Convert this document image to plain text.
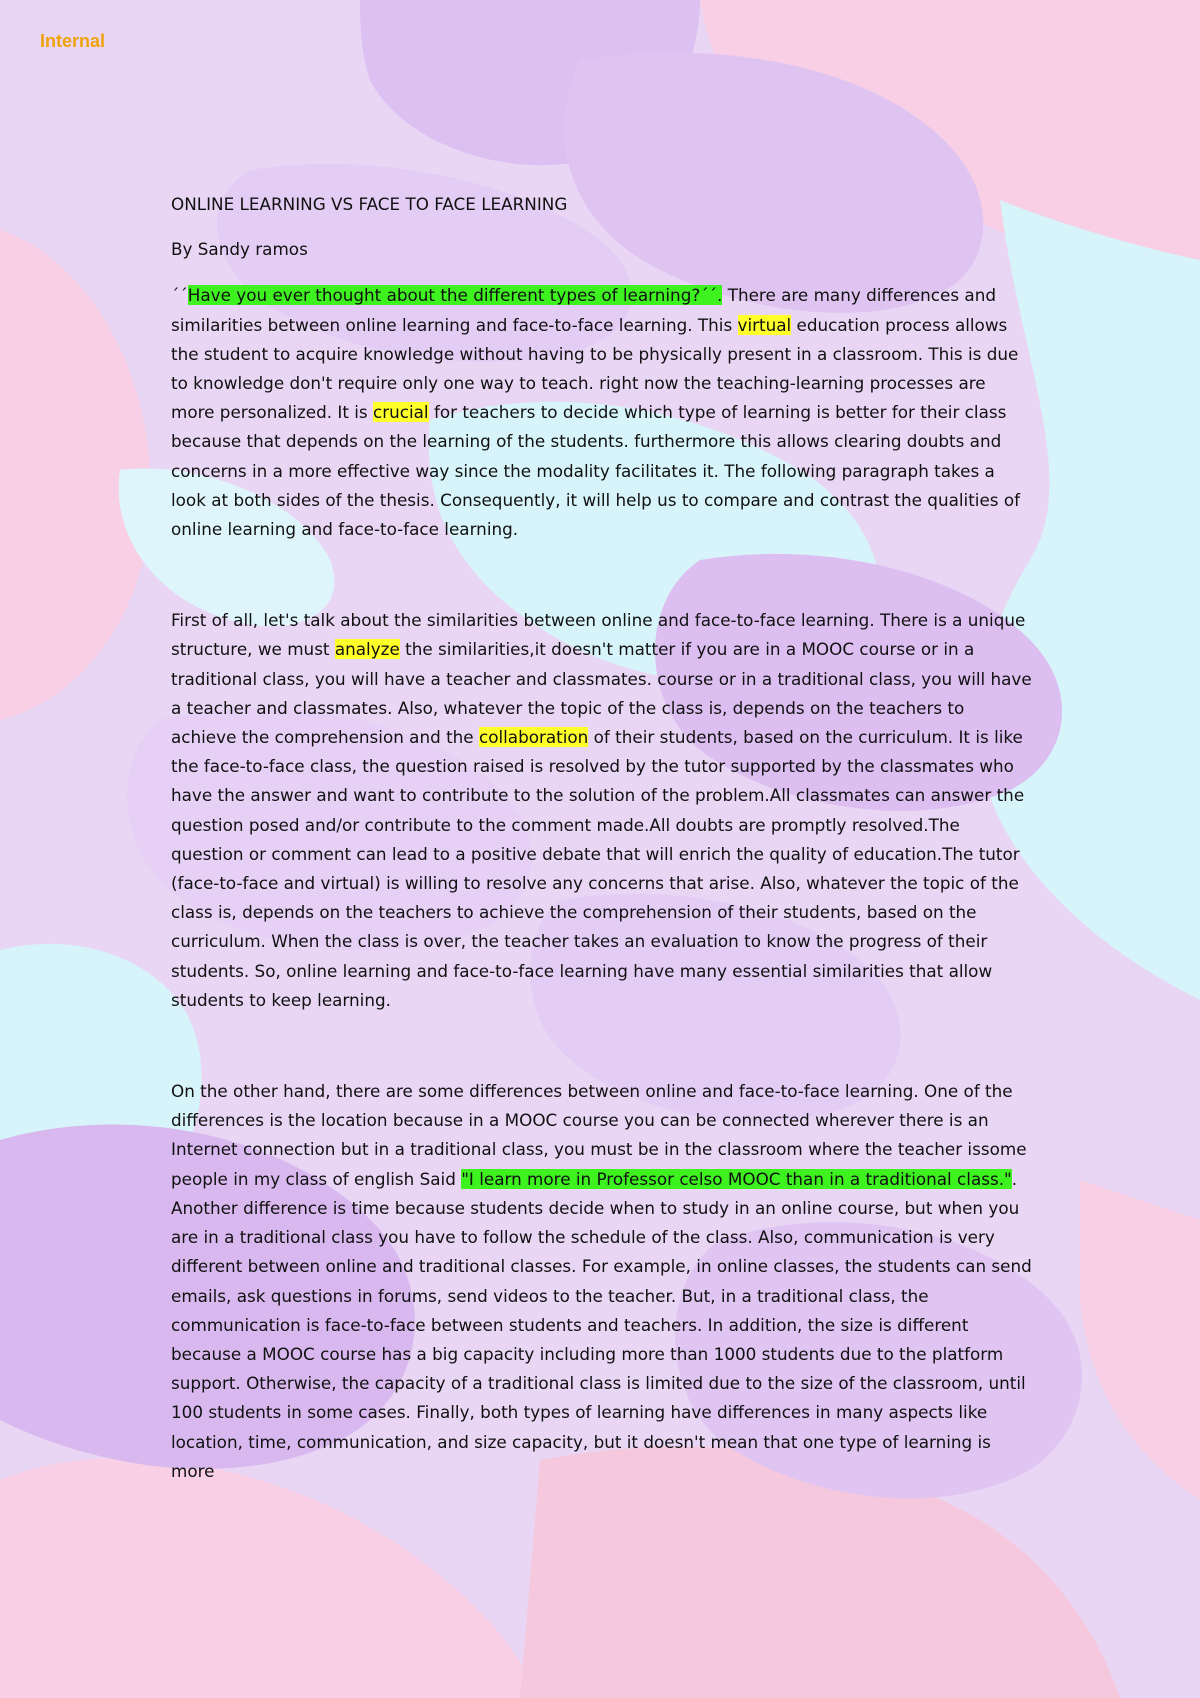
Internal

ONLINE LEARNING VS FACE TO FACE LEARNING

By Sandy ramos

´´Have you ever thought about the different types of learning?´´. There are many differences and similarities between online learning and face-to-face learning. This virtual education process allows the student to acquire knowledge without having to be physically present in a classroom. This is due to knowledge don't require only one way to teach. right now the teaching-learning processes are more personalized. It is crucial for teachers to decide which type of learning is better for their class because that depends on the learning of the students. furthermore this allows clearing doubts and concerns in a more effective way since the modality facilitates it. The following paragraph takes a look at both sides of the thesis. Consequently, it will help us to compare and contrast the qualities of online learning and face-to-face learning.

First of all, let's talk about the similarities between online and face-to-face learning. There is a unique structure, we must analyze the similarities,it doesn't matter if you are in a MOOC course or in a traditional class, you will have a teacher and classmates. course or in a traditional class, you will have a teacher and classmates. Also, whatever the topic of the class is, depends on the teachers to achieve the comprehension and the collaboration of their students, based on the curriculum. It is like the face-to-face class, the question raised is resolved by the tutor supported by the classmates who have the answer and want to contribute to the solution of the problem.All classmates can answer the question posed and/or contribute to the comment made.All doubts are promptly resolved.The question or comment can lead to a positive debate that will enrich the quality of education.The tutor (face-to-face and virtual) is willing to resolve any concerns that arise. Also, whatever the topic of the class is, depends on the teachers to achieve the comprehension of their students, based on the curriculum. When the class is over, the teacher takes an evaluation to know the progress of their students. So, online learning and face-to-face learning have many essential similarities that allow students to keep learning.

On the other hand, there are some differences between online and face-to-face learning. One of the differences is the location because in a MOOC course you can be connected wherever there is an Internet connection but in a traditional class, you must be in the classroom where the teacher issome people in my class of english Said "I learn more in Professor celso MOOC than in a traditional class.". Another difference is time because students decide when to study in an online course, but when you are in a traditional class you have to follow the schedule of the class. Also, communication is very different between online and traditional classes. For example, in online classes, the students can send emails, ask questions in forums, send videos to the teacher. But, in a traditional class, the communication is face-to-face between students and teachers. In addition, the size is different because a MOOC course has a big capacity including more than 1000 students due to the platform support. Otherwise, the capacity of a traditional class is limited due to the size of the classroom, until 100 students in some cases. Finally, both types of learning have differences in many aspects like location, time, communication, and size capacity, but it doesn't mean that one type of learning is more
